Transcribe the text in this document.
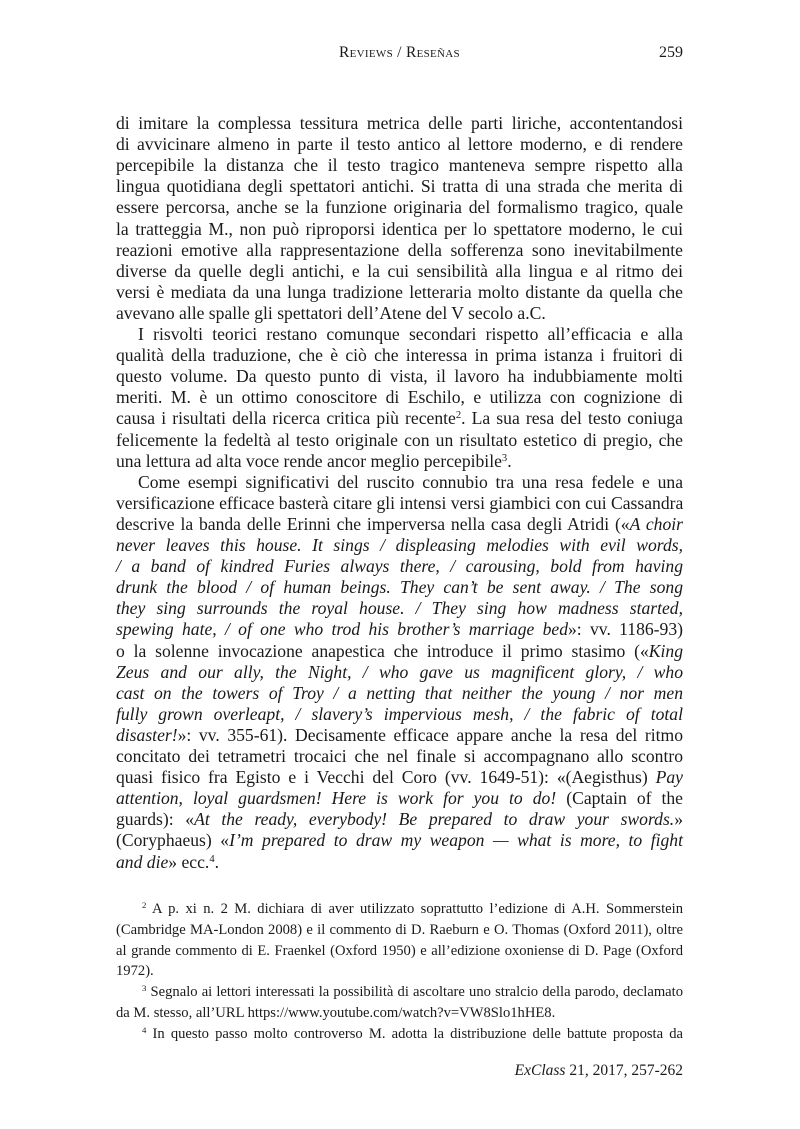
Reviews / Reseñas	259
di imitare la complessa tessitura metrica delle parti liriche, accontentandosi
di avvicinare almeno in parte il testo antico al lettore moderno, e di rendere
percepibile la distanza che il testo tragico manteneva sempre rispetto alla
lingua quotidiana degli spettatori antichi. Si tratta di una strada che merita di
essere percorsa, anche se la funzione originaria del formalismo tragico, quale
la tratteggia M., non può riproporsi identica per lo spettatore moderno, le cui
reazioni emotive alla rappresentazione della sofferenza sono inevitabilmente
diverse da quelle degli antichi, e la cui sensibilità alla lingua e al ritmo dei
versi è mediata da una lunga tradizione letteraria molto distante da quella che
avevano alle spalle gli spettatori dell’Atene del V secolo a.C.
I risvolti teorici restano comunque secondari rispetto all’efficacia e alla
qualità della traduzione, che è ciò che interessa in prima istanza i fruitori di
questo volume. Da questo punto di vista, il lavoro ha indubbiamente molti
meriti. M. è un ottimo conoscitore di Eschilo, e utilizza con cognizione di
causa i risultati della ricerca critica più recente$^2$. La sua resa del testo coniuga
felicemente la fedeltà al testo originale con un risultato estetico di pregio, che
una lettura ad alta voce rende ancor meglio percepibile$^3$.
Come esempi significativi del ruscito connubio tra una resa fedele e una
versificazione efficace basterà citare gli intensi versi giambici con cui Cassandra
descrive la banda delle Erinni che imperversa nella casa degli Atridi («A choir
never leaves this house. It sings / displeasing melodies with evil words,
/ a band of kindred Furies always there, / carousing, bold from having
drunk the blood / of human beings. They can’t be sent away. / The song
they sing surrounds the royal house. / They sing how madness started,
spewing hate, / of one who trod his brother’s marriage bed»: vv. 1186-93)
o la solenne invocazione anapestica che introduce il primo stasimo («King
Zeus and our ally, the Night, / who gave us magnificent glory, / who
cast on the towers of Troy / a netting that neither the young / nor men
fully grown overleapt, / slavery’s impervious mesh, / the fabric of total
disaster!»: vv. 355-61). Decisamente efficace appare anche la resa del ritmo
concitato dei tetrametri trocaici che nel finale si accompagnano allo scontro
quasi fisico fra Egisto e i Vecchi del Coro (vv. 1649-51): «(Aegisthus) Pay
attention, loyal guardsmen! Here is work for you to do! (Captain of the
guards): «At the ready, everybody! Be prepared to draw your swords.»
(Coryphaeus) «I’m prepared to draw my weapon — what is more, to fight
and die» ecc.$^4$.
$^2$ A p. xi n. 2 M. dichiara di aver utilizzato soprattutto l’edizione di A.H. Sommerstein
(Cambridge MA-London 2008) e il commento di D. Raeburn e O. Thomas (Oxford 2011), oltre
al grande commento di E. Fraenkel (Oxford 1950) e all’edizione oxoniense di D. Page (Oxford
1972).
$^3$ Segnalo ai lettori interessati la possibilità di ascoltare uno stralcio della parodo, declamato
da M. stesso, all’URL https://www.youtube.com/watch?v=VW8Slo1hHE8.
$^4$ In questo passo molto controverso M. adotta la distribuzione delle battute proposta da
ExClass 21, 2017, 257-262
